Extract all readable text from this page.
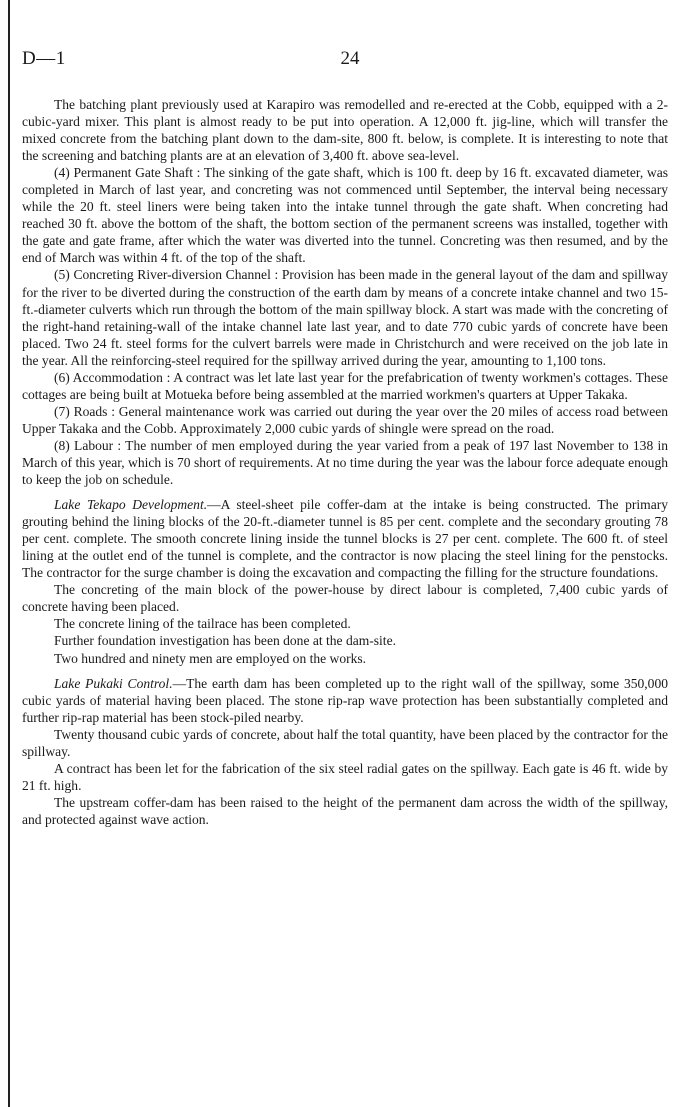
D—1	24

The batching plant previously used at Karapiro was remodelled and re-erected at the Cobb, equipped with a 2-cubic-yard mixer. This plant is almost ready to be put into operation. A 12,000 ft. jig-line, which will transfer the mixed concrete from the batching plant down to the dam-site, 800 ft. below, is complete. It is interesting to note that the screening and batching plants are at an elevation of 3,400 ft. above sea-level.

(4) Permanent Gate Shaft : The sinking of the gate shaft, which is 100 ft. deep by 16 ft. excavated diameter, was completed in March of last year, and concreting was not commenced until September, the interval being necessary while the 20 ft. steel liners were being taken into the intake tunnel through the gate shaft. When concreting had reached 30 ft. above the bottom of the shaft, the bottom section of the permanent screens was installed, together with the gate and gate frame, after which the water was diverted into the tunnel. Concreting was then resumed, and by the end of March was within 4 ft. of the top of the shaft.

(5) Concreting River-diversion Channel : Provision has been made in the general layout of the dam and spillway for the river to be diverted during the construction of the earth dam by means of a concrete intake channel and two 15-ft.-diameter culverts which run through the bottom of the main spillway block. A start was made with the concreting of the right-hand retaining-wall of the intake channel late last year, and to date 770 cubic yards of concrete have been placed. Two 24 ft. steel forms for the culvert barrels were made in Christchurch and were received on the job late in the year. All the reinforcing-steel required for the spillway arrived during the year, amounting to 1,100 tons.

(6) Accommodation : A contract was let late last year for the prefabrication of twenty workmen's cottages. These cottages are being built at Motueka before being assembled at the married workmen's quarters at Upper Takaka.

(7) Roads : General maintenance work was carried out during the year over the 20 miles of access road between Upper Takaka and the Cobb. Approximately 2,000 cubic yards of shingle were spread on the road.

(8) Labour : The number of men employed during the year varied from a peak of 197 last November to 138 in March of this year, which is 70 short of requirements. At no time during the year was the labour force adequate enough to keep the job on schedule.

Lake Tekapo Development.—A steel-sheet pile coffer-dam at the intake is being constructed. The primary grouting behind the lining blocks of the 20-ft.-diameter tunnel is 85 per cent. complete and the secondary grouting 78 per cent. complete. The smooth concrete lining inside the tunnel blocks is 27 per cent. complete. The 600 ft. of steel lining at the outlet end of the tunnel is complete, and the contractor is now placing the steel lining for the penstocks. The contractor for the surge chamber is doing the excavation and compacting the filling for the structure foundations.

The concreting of the main block of the power-house by direct labour is completed, 7,400 cubic yards of concrete having been placed.

The concrete lining of the tailrace has been completed.

Further foundation investigation has been done at the dam-site.

Two hundred and ninety men are employed on the works.

Lake Pukaki Control.—The earth dam has been completed up to the right wall of the spillway, some 350,000 cubic yards of material having been placed. The stone rip-rap wave protection has been substantially completed and further rip-rap material has been stock-piled nearby.

Twenty thousand cubic yards of concrete, about half the total quantity, have been placed by the contractor for the spillway.

A contract has been let for the fabrication of the six steel radial gates on the spillway. Each gate is 46 ft. wide by 21 ft. high.

The upstream coffer-dam has been raised to the height of the permanent dam across the width of the spillway, and protected against wave action.
